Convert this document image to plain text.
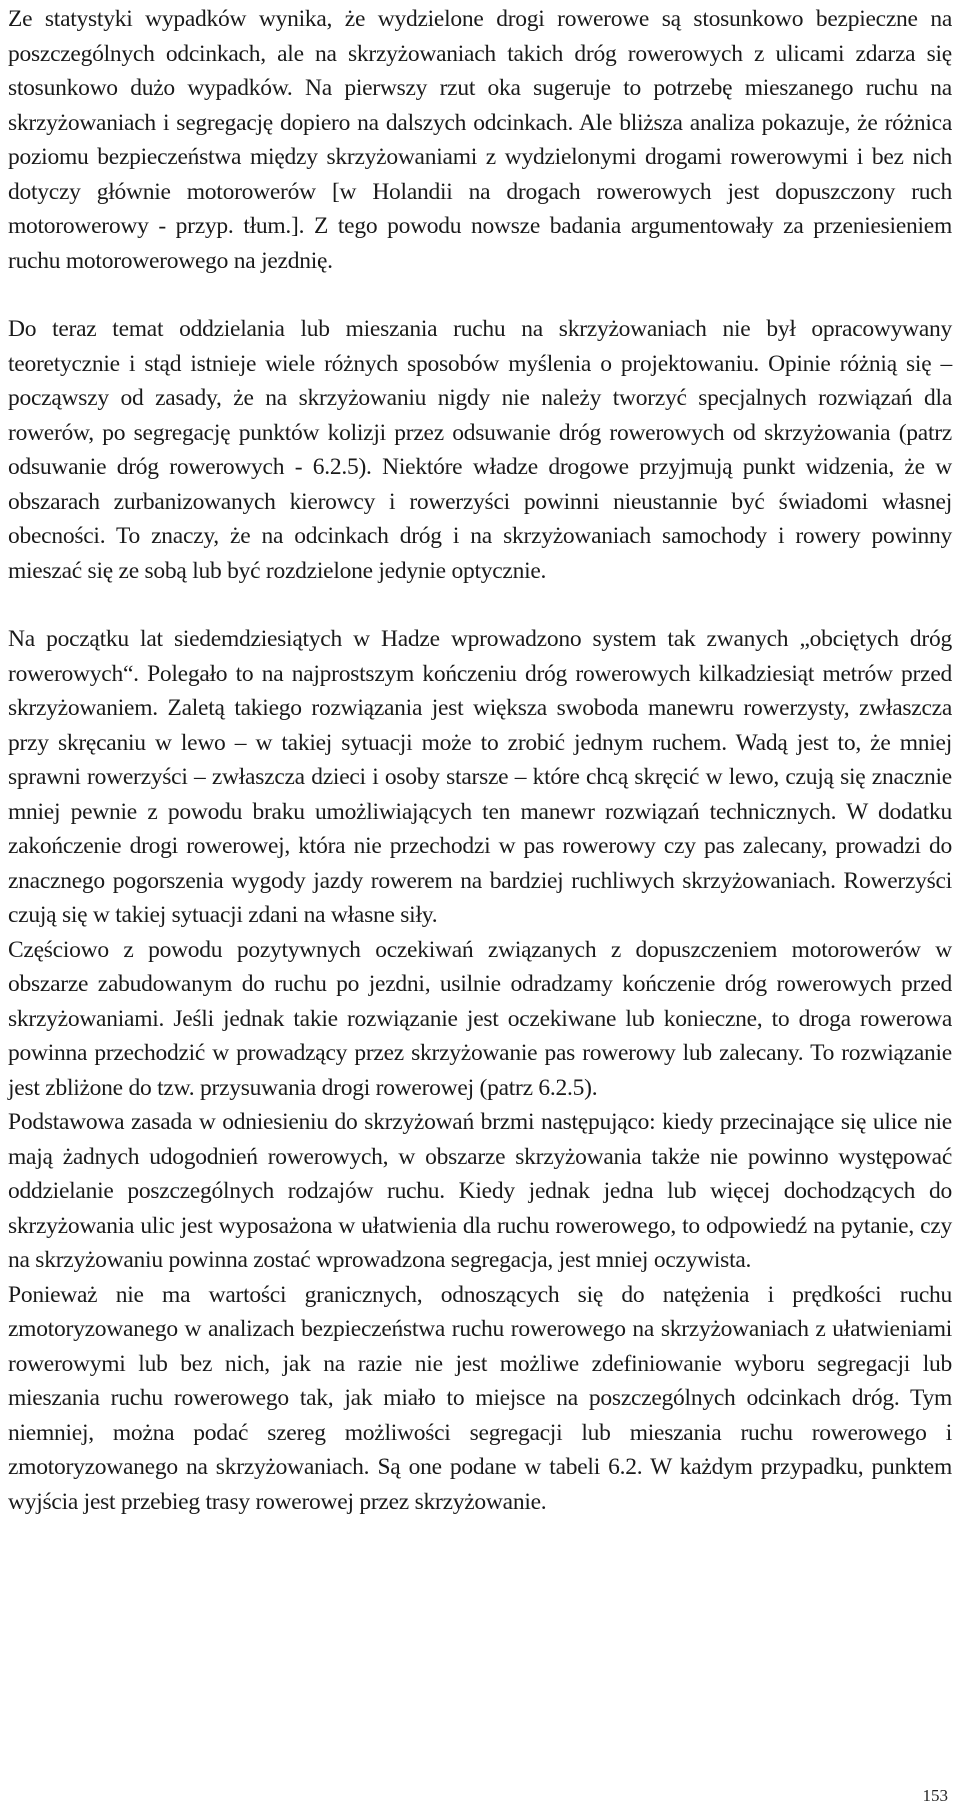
Ze statystyki wypadków wynika, że wydzielone drogi rowerowe są stosunkowo bezpieczne na poszczególnych odcinkach, ale na skrzyżowaniach takich dróg rowerowych z ulicami zdarza się stosunkowo dużo wypadków. Na pierwszy rzut oka sugeruje to potrzebę mieszanego ruchu na skrzyżowaniach i segregację dopiero na dalszych odcinkach. Ale bliższa analiza pokazuje, że różnica poziomu bezpieczeństwa między skrzyżowaniami z wydzielonymi drogami rowerowymi i bez nich dotyczy głównie motorowerów [w Holandii na drogach rowerowych jest dopuszczony ruch motorowerowy - przyp. tłum.]. Z tego powodu nowsze badania argumentowały za przeniesieniem ruchu motorowerowego na jezdnię.

Do teraz temat oddzielania lub mieszania ruchu na skrzyżowaniach nie był opracowywany teoretycznie i stąd istnieje wiele różnych sposobów myślenia o projektowaniu. Opinie różnią się – począwszy od zasady, że na skrzyżowaniu nigdy nie należy tworzyć specjalnych rozwiązań dla rowerów, po segregację punktów kolizji przez odsuwanie dróg rowerowych od skrzyżowania (patrz odsuwanie dróg rowerowych - 6.2.5). Niektóre władze drogowe przyjmują punkt widzenia, że w obszarach zurbanizowanych kierowcy i rowerzyści powinni nieustannie być świadomi własnej obecności. To znaczy, że na odcinkach dróg i na skrzyżowaniach samochody i rowery powinny mieszać się ze sobą lub być rozdzielone jedynie optycznie.

Na początku lat siedemdziesiątych w Hadze wprowadzono system tak zwanych „obciętych dróg rowerowych“. Polegało to na najprostszym kończeniu dróg rowerowych kilkadziesiąt metrów przed skrzyżowaniem. Zaletą takiego rozwiązania jest większa swoboda manewru rowerzysty, zwłaszcza przy skręcaniu w lewo – w takiej sytuacji może to zrobić jednym ruchem. Wadą jest to, że mniej sprawni rowerzyści – zwłaszcza dzieci i osoby starsze – które chcą skręcić w lewo, czują się znacznie mniej pewnie z powodu braku umożliwiających ten manewr rozwiązań technicznych. W dodatku zakończenie drogi rowerowej, która nie przechodzi w pas rowerowy czy pas zalecany, prowadzi do znacznego pogorszenia wygody jazdy rowerem na bardziej ruchliwych skrzyżowaniach. Rowerzyści czują się w takiej sytuacji zdani na własne siły.

Częściowo z powodu pozytywnych oczekiwań związanych z dopuszczeniem motorowerów w obszarze zabudowanym do ruchu po jezdni, usilnie odradzamy kończenie dróg rowerowych przed skrzyżowaniami. Jeśli jednak takie rozwiązanie jest oczekiwane lub konieczne, to droga rowerowa powinna przechodzić w prowadzący przez skrzyżowanie pas rowerowy lub zalecany. To rozwiązanie jest zbliżone do tzw. przysuwania drogi rowerowej (patrz 6.2.5).

Podstawowa zasada w odniesieniu do skrzyżowań brzmi następująco: kiedy przecinające się ulice nie mają żadnych udogodnień rowerowych, w obszarze skrzyżowania także nie powinno występować oddzielanie poszczególnych rodzajów ruchu. Kiedy jednak jedna lub więcej dochodzących do skrzyżowania ulic jest wyposażona w ułatwienia dla ruchu rowerowego, to odpowiedź na pytanie, czy na skrzyżowaniu powinna zostać wprowadzona segregacja, jest mniej oczywista.

Ponieważ nie ma wartości granicznych, odnoszących się do natężenia i prędkości ruchu zmotoryzowanego w analizach bezpieczeństwa ruchu rowerowego na skrzyżowaniach z ułatwieniami rowerowymi lub bez nich, jak na razie nie jest możliwe zdefiniowanie wyboru segregacji lub mieszania ruchu rowerowego tak, jak miało to miejsce na poszczególnych odcinkach dróg. Tym niemniej, można podać szereg możliwości segregacji lub mieszania ruchu rowerowego i zmotoryzowanego na skrzyżowaniach. Są one podane w tabeli 6.2. W każdym przypadku, punktem wyjścia jest przebieg trasy rowerowej przez skrzyżowanie.

153
